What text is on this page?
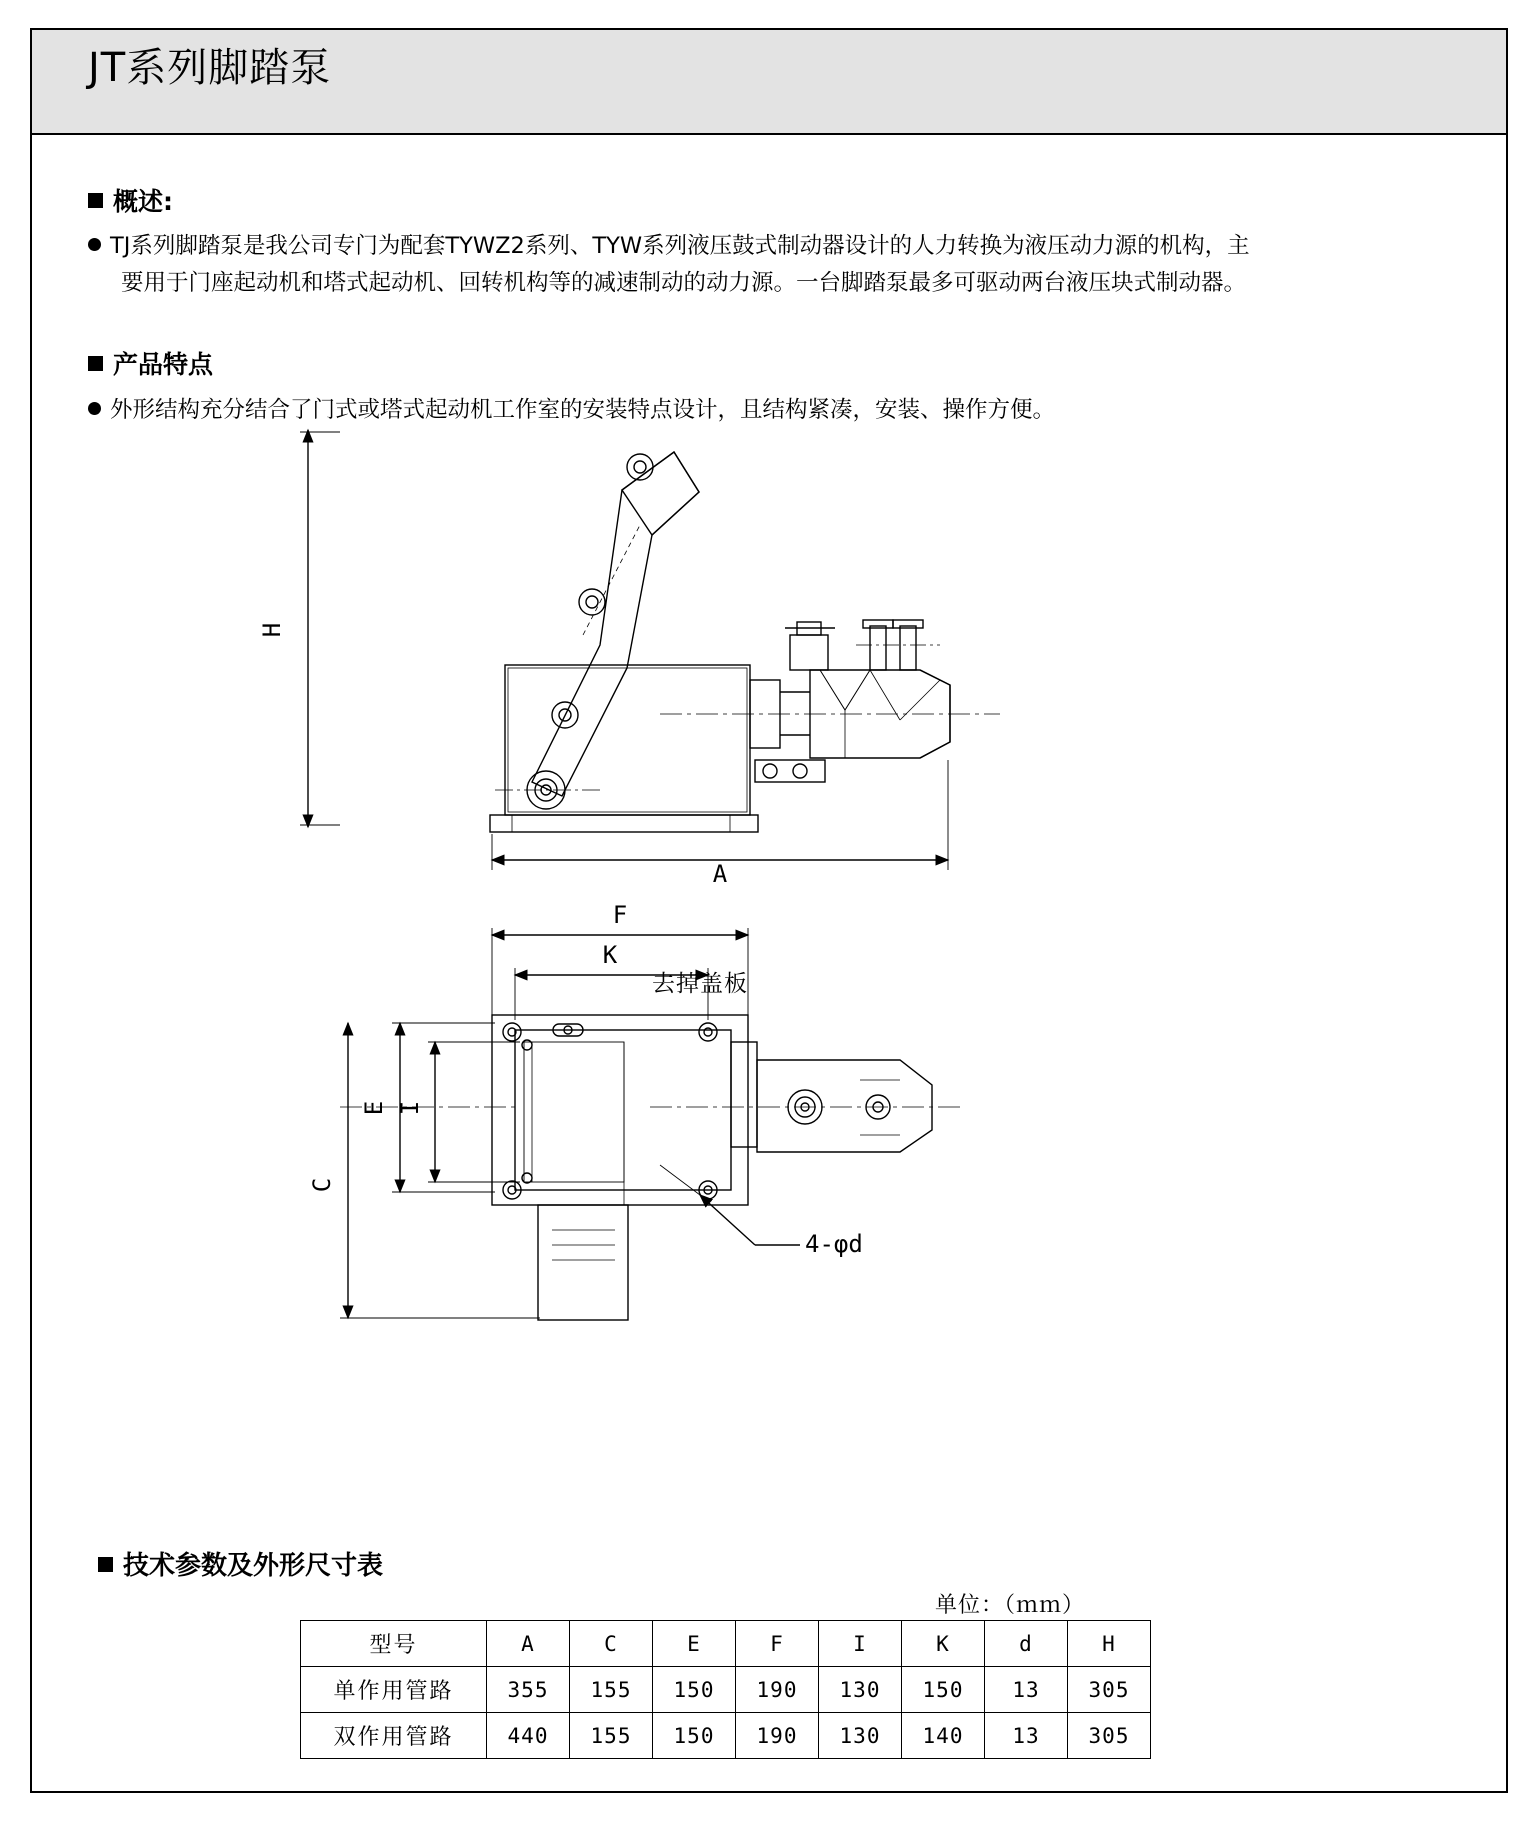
JT系列脚踏泵
概述:
TJ系列脚踏泵是我公司专门为配套TYWZ2系列、TYW系列液压鼓式制动器设计的人力转换为液压动力源的机构，主
要用于门座起动机和塔式起动机、回转机构等的减速制动的动力源。一台脚踏泵最多可驱动两台液压块式制动器。
产品特点
外形结构充分结合了门式或塔式起动机工作室的安装特点设计，且结构紧凑，安装、操作方便。
H
A
F
K
E I
C
4-φd
去掉盖板
技术参数及外形尺寸表
单位：（ｍｍ）
型号	A	C	E	F	I	K	d	H
单作用管路	355	155	150	190	130	150	13	305
双作用管路	440	155	150	190	130	140	13	305
